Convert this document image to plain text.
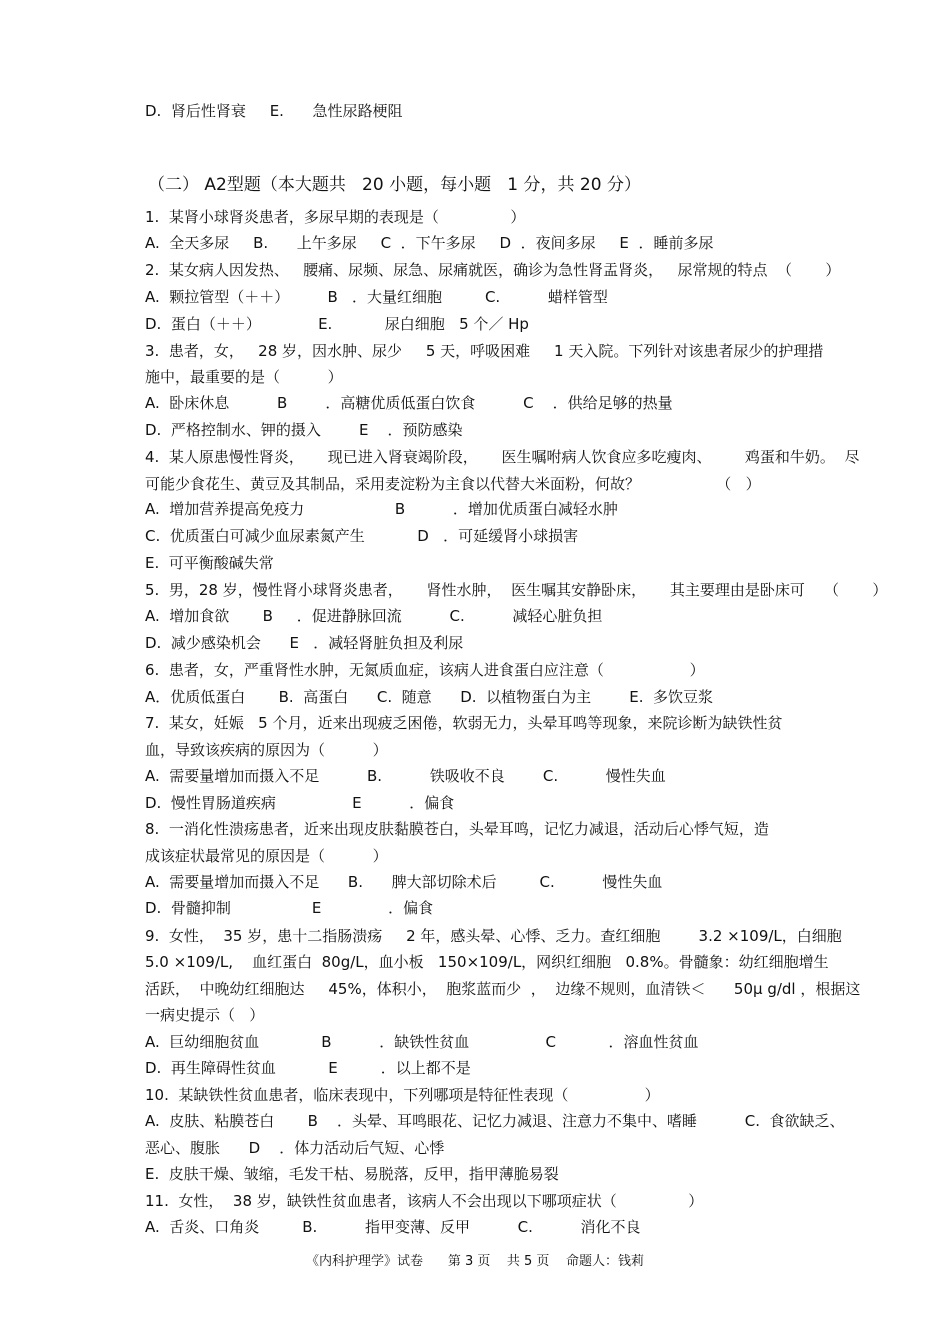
D.  肾后性肾衰     E.      急性尿路梗阻
（二） A2型题（本大题共   20 小题，每小题   1 分，共 20 分）
1.  某肾小球肾炎患者，多尿早期的表现是（               ）
A.  全天多尿     B.      上午多尿     C  ．下午多尿     D  ．夜间多尿     E  ．睡前多尿
2.  某女病人因发热、   腰痛、尿频、尿急、尿痛就医，确诊为急性肾盂肾炎，   尿常规的特点  （       ）
A.  颗拉管型（＋＋）        B   ．大量红细胞         C.          蜡样管型
D.  蛋白（＋＋）            E.           尿白细胞   5 个／ Hp
3.  患者，女，   28 岁，因水肿、尿少     5 天，呼吸困难     1 天入院。下列针对该患者尿少的护理措
施中，最重要的是（          ）
A.  卧床休息          B        ．高糖优质低蛋白饮食          C    ．供给足够的热量
D.  严格控制水、钾的摄入        E    ．预防感染
4.  某人原患慢性肾炎，     现已进入肾衰竭阶段，     医生嘱咐病人饮食应多吃瘦肉、       鸡蛋和牛奶。  尽
可能少食花生、黄豆及其制品，采用麦淀粉为主食以代替大米面粉，何故？                （   ）
A.  增加营养提高免疫力                   B          ．增加优质蛋白减轻水肿
C.  优质蛋白可减少血尿素氮产生           D   ．可延缓肾小球损害
E.  可平衡酸碱失常
5.  男，28 岁，慢性肾小球肾炎患者，     肾性水肿，  医生嘱其安静卧床，     其主要理由是卧床可    （       ）
A.  增加食欲       B     ．促进静脉回流          C.          减轻心脏负担
D.  减少感染机会      E   ．减轻肾脏负担及利尿
6.  患者，女，严重肾性水肿，无氮质血症，该病人进食蛋白应注意（                  ）
A．优质低蛋白       B.  高蛋白      C.  随意      D.  以植物蛋白为主        E.  多饮豆浆
7.  某女，妊娠   5 个月，近来出现疲乏困倦，软弱无力，头晕耳鸣等现象，来院诊断为缺铁性贫
血，导致该疾病的原因为（          ）
A.  需要量增加而摄入不足          B.          铁吸收不良        C.          慢性失血
D.  慢性胃肠道疾病                E          ．偏食
8.  一消化性溃疡患者，近来出现皮肤黏膜苍白，头晕耳鸣，记忆力减退，活动后心悸气短，造
成该症状最常见的原因是（          ）
A.  需要量增加而摄入不足      B.      脾大部切除术后         C.          慢性失血
D.  骨髓抑制                 E              ．偏食
9.  女性，  35 岁，患十二指肠溃疡     2 年，感头晕、心悸、乏力。查红细胞        3.2 ×109/L，白细胞
5.0 ×109/L,    血红蛋白  80g/L，血小板   150×109/L，网织红细胞   0.8%。骨髓象：幼红细胞增生
活跃，  中晚幼红细胞达     45%，体积小，  胞浆蓝而少  ，  边缘不规则，血清铁＜      50μ g/dl ，根据这
一病史提示（   ）
A.  巨幼细胞贫血             B          ．缺铁性贫血                C           ．溶血性贫血
D.  再生障碍性贫血           E         ．以上都不是
10.  某缺铁性贫血患者，临床表现中，下列哪项是特征性表现（                ）
A.  皮肤、粘膜苍白       B    ．头晕、耳鸣眼花、记忆力减退、注意力不集中、嗜睡          C.  食欲缺乏、
恶心、腹胀      D    ．体力活动后气短、心悸
E.  皮肤干燥、皱缩，毛发干枯、易脱落，反甲，指甲薄脆易裂
11.  女性，  38 岁，缺铁性贫血患者，该病人不会出现以下哪项症状（               ）
A.  舌炎、口角炎         B.          指甲变薄、反甲          C.          消化不良
《内科护理学》试卷      第 3 页    共 5 页    命题人：钱莉
